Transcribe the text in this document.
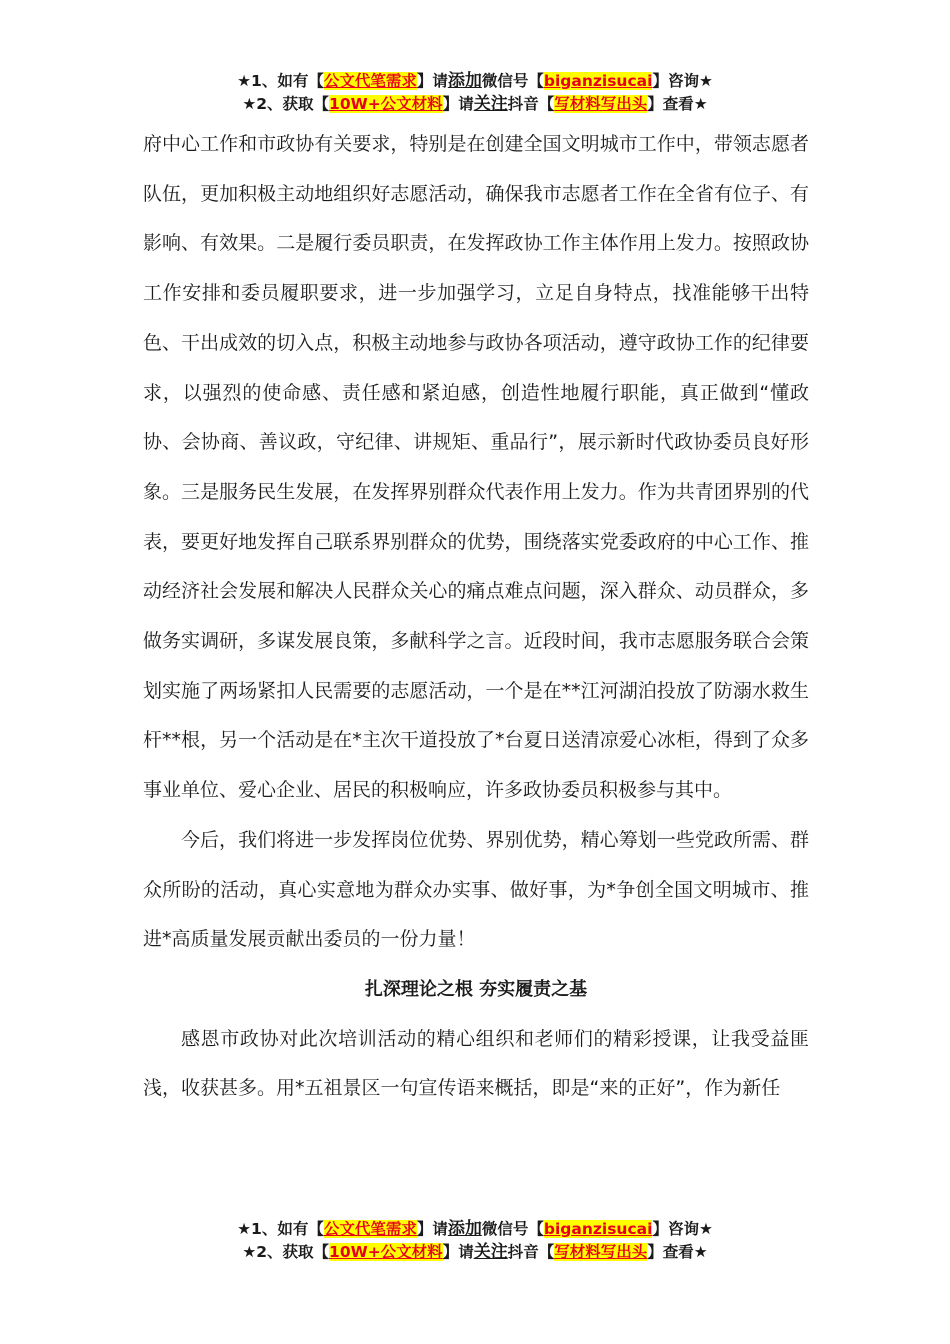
★1、如有【公文代笔需求】请添加微信号【biganzisucai】咨询★
★2、获取【10W+公文材料】请关注抖音【写材料写出头】查看★

府中心工作和市政协有关要求，特别是在创建全国文明城市工作中，带领志愿者队伍，更加积极主动地组织好志愿活动，确保我市志愿者工作在全省有位子、有影响、有效果。二是履行委员职责，在发挥政协工作主体作用上发力。按照政协工作安排和委员履职要求，进一步加强学习，立足自身特点，找准能够干出特色、干出成效的切入点，积极主动地参与政协各项活动，遵守政协工作的纪律要求，以强烈的使命感、责任感和紧迫感，创造性地履行职能，真正做到“懂政协、会协商、善议政，守纪律、讲规矩、重品行”，展示新时代政协委员良好形象。三是服务民生发展，在发挥界别群众代表作用上发力。作为共青团界别的代表，要更好地发挥自己联系界别群众的优势，围绕落实党委政府的中心工作、推动经济社会发展和解决人民群众关心的痛点难点问题，深入群众、动员群众，多做务实调研，多谋发展良策，多献科学之言。近段时间，我市志愿服务联合会策划实施了两场紧扣人民需要的志愿活动，一个是在**江河湖泊投放了防溺水救生杆**根，另一个活动是在*主次干道投放了*台夏日送清凉爱心冰柜，得到了众多事业单位、爱心企业、居民的积极响应，许多政协委员积极参与其中。

今后，我们将进一步发挥岗位优势、界别优势，精心筹划一些党政所需、群众所盼的活动，真心实意地为群众办实事、做好事，为*争创全国文明城市、推进*高质量发展贡献出委员的一份力量！

扎深理论之根 夯实履责之基

感恩市政协对此次培训活动的精心组织和老师们的精彩授课，让我受益匪浅，收获甚多。用*五祖景区一句宣传语来概括，即是“来的正好”，作为新任

★1、如有【公文代笔需求】请添加微信号【biganzisucai】咨询★
★2、获取【10W+公文材料】请关注抖音【写材料写出头】查看★
